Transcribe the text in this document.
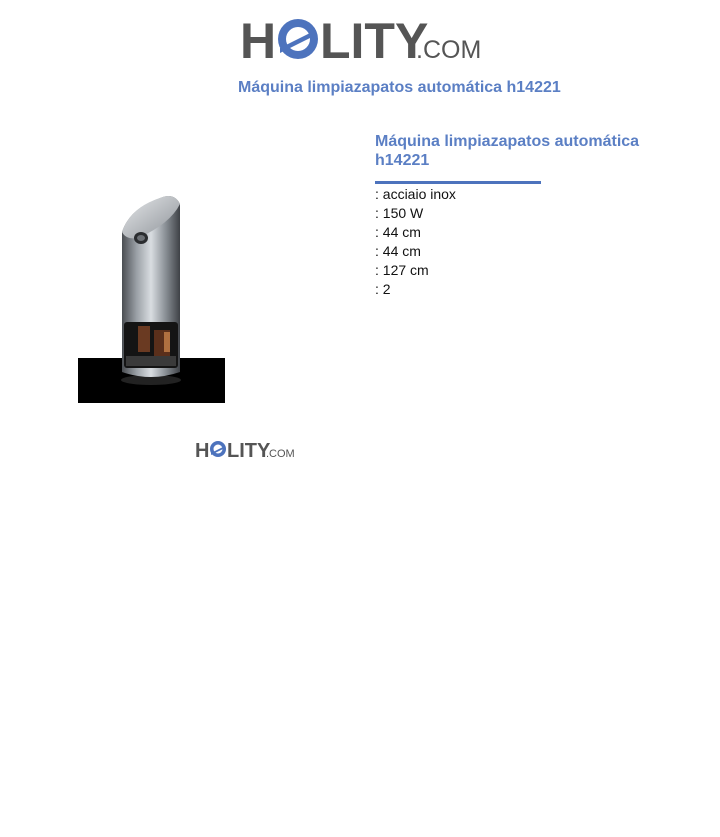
H LITY
.COM
Máquina limpiazapatos automática h14221
H LITY
.COM
Máquina limpiazapatos automática h14221
: acciaio inox
: 150 W
: 44 cm
: 44 cm
: 127 cm
: 2
